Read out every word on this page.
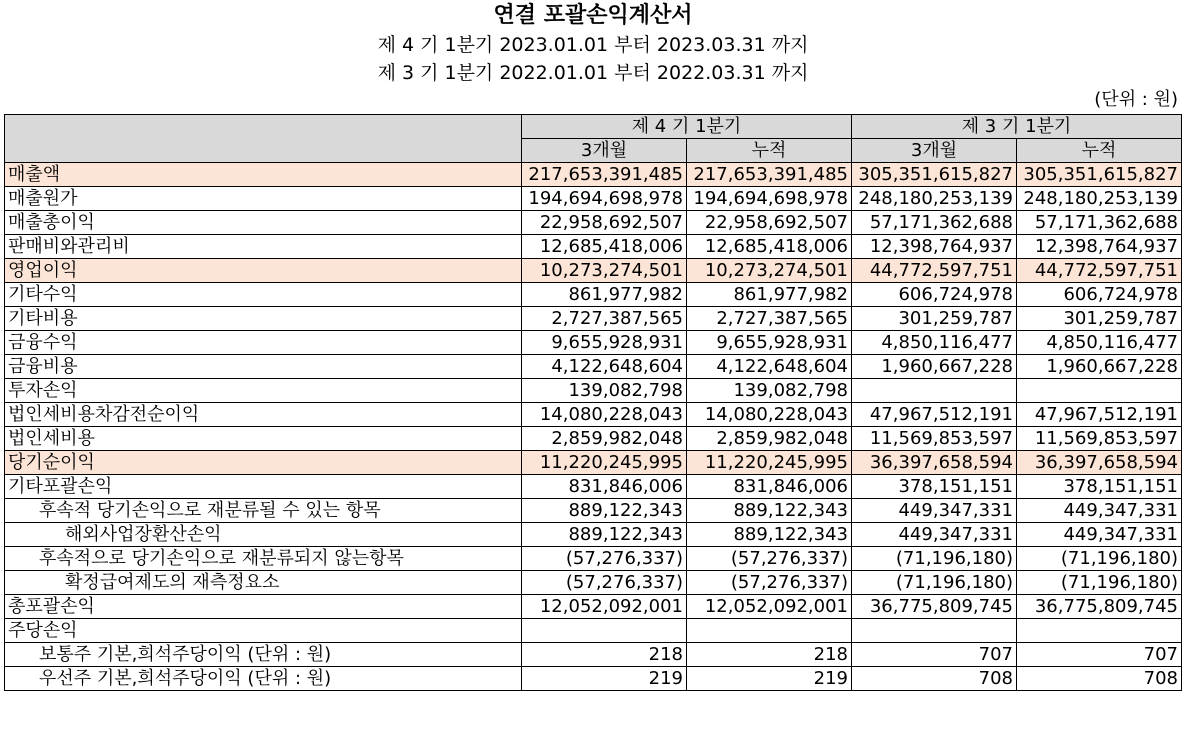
연결 포괄손익계산서
제 4 기 1분기 2023.01.01 부터 2023.03.31 까지
제 3 기 1분기 2022.01.01 부터 2022.03.31 까지
(단위 : 원)
	제 4 기 1분기		제 3 기 1분기	
	3개월	누적	3개월	누적
매출액	217,653,391,485	217,653,391,485	305,351,615,827	305,351,615,827
매출원가	194,694,698,978	194,694,698,978	248,180,253,139	248,180,253,139
매출총이익	22,958,692,507	22,958,692,507	57,171,362,688	57,171,362,688
판매비와관리비	12,685,418,006	12,685,418,006	12,398,764,937	12,398,764,937
영업이익	10,273,274,501	10,273,274,501	44,772,597,751	44,772,597,751
기타수익	861,977,982	861,977,982	606,724,978	606,724,978
기타비용	2,727,387,565	2,727,387,565	301,259,787	301,259,787
금융수익	9,655,928,931	9,655,928,931	4,850,116,477	4,850,116,477
금융비용	4,122,648,604	4,122,648,604	1,960,667,228	1,960,667,228
투자손익	139,082,798	139,082,798		
법인세비용차감전순이익	14,080,228,043	14,080,228,043	47,967,512,191	47,967,512,191
법인세비용	2,859,982,048	2,859,982,048	11,569,853,597	11,569,853,597
당기순이익	11,220,245,995	11,220,245,995	36,397,658,594	36,397,658,594
기타포괄손익	831,846,006	831,846,006	378,151,151	378,151,151
후속적 당기손익으로 재분류될 수 있는 항목	889,122,343	889,122,343	449,347,331	449,347,331
해외사업장환산손익	889,122,343	889,122,343	449,347,331	449,347,331
후속적으로 당기손익으로 재분류되지 않는항목	(57,276,337)	(57,276,337)	(71,196,180)	(71,196,180)
확정급여제도의 재측정요소	(57,276,337)	(57,276,337)	(71,196,180)	(71,196,180)
총포괄손익	12,052,092,001	12,052,092,001	36,775,809,745	36,775,809,745
주당손익				
보통주 기본,희석주당이익 (단위 : 원)	218	218	707	707
우선주 기본,희석주당이익 (단위 : 원)	219	219	708	708
